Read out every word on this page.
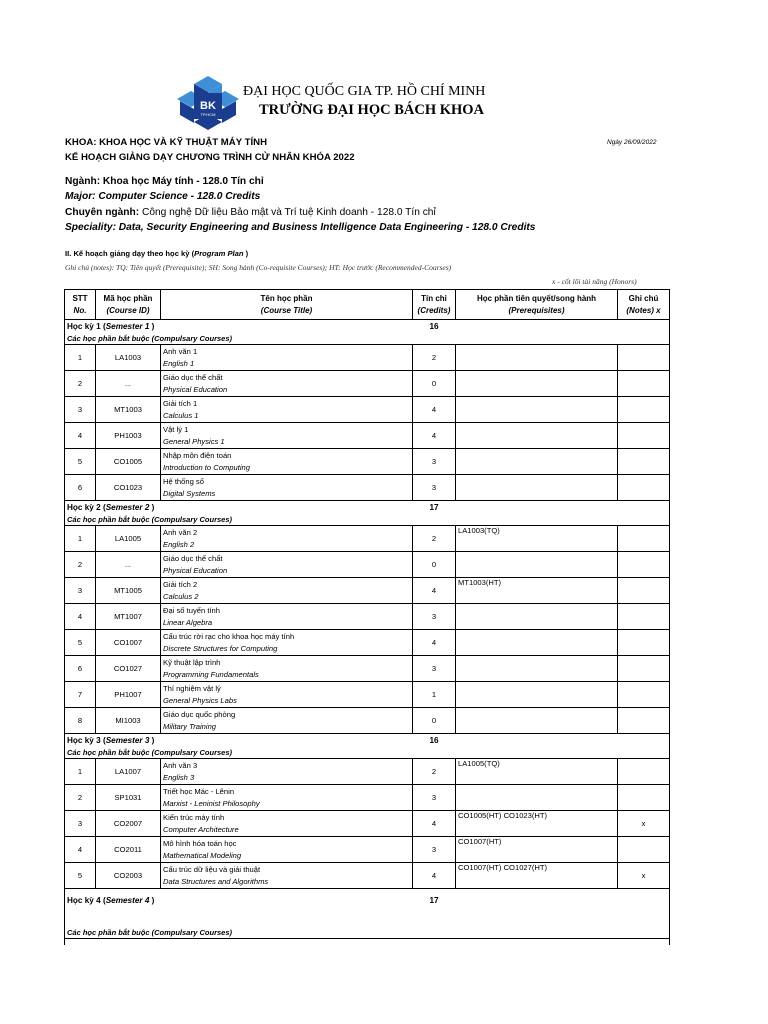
BK
TP.HCM
ĐẠI HỌC QUỐC GIA TP. HỒ CHÍ MINH
TRƯỜNG ĐẠI HỌC BÁCH KHOA
KHOA: KHOA HỌC VÀ KỸ THUẬT MÁY TÍNH
KẾ HOẠCH GIẢNG DẠY CHƯƠNG TRÌNH CỬ NHÂN KHÓA 2022
Ngày 26/09/2022
Ngành: Khoa học Máy tính - 128.0 Tín chỉ
Major: Computer Science - 128.0 Credits
Chuyên ngành: Công nghệ Dữ liệu Bảo mật và Trí tuệ Kinh doanh - 128.0 Tín chỉ
Speciality: Data, Security Engineering and Business Intelligence Data Engineering - 128.0 Credits
II. Kế hoạch giảng dạy theo học kỳ (Program Plan )
Ghi chú (notes): TQ: Tiên quyết (Prerequisite); SH: Song hành (Co-requisite Courses); HT: Học trước (Recommended-Courses)
x - cốt lõi tài năng (Honors)
STT
No.	Mã học phần
(Course ID)	Tên học phần
(Course Title)	Tín chỉ
(Credits)	Học phần tiên quyết/song hành
(Prerequisites)	Ghi chú
(Notes) x
Học kỳ 1 (Semester 1 )			16		
Các học phần bắt buộc (Compulsary Courses)					
1	LA1003	Anh văn 1
English 1	2		
2	...	Giáo dục thể chất
Physical Education	0		
3	MT1003	Giải tích 1
Calculus 1	4		
4	PH1003	Vật lý 1
General Physics 1	4		
5	CO1005	Nhập môn điện toán
Introduction to Computing	3		
6	CO1023	Hệ thống số
Digital Systems	3		
Học kỳ 2 (Semester 2 )			17		
Các học phần bắt buộc (Compulsary Courses)					
1	LA1005	Anh văn 2
English 2	2	LA1003(TQ)	
2	...	Giáo dục thể chất
Physical Education	0		
3	MT1005	Giải tích 2
Calculus 2	4	MT1003(HT)	
4	MT1007	Đại số tuyến tính
Linear Algebra	3		
5	CO1007	Cấu trúc rời rạc cho khoa học máy tính
Discrete Structures for Computing	4		
6	CO1027	Kỹ thuật lập trình
Programming Fundamentals	3		
7	PH1007	Thí nghiệm vật lý
General Physics Labs	1		
8	MI1003	Giáo dục quốc phòng
Military Training	0		
Học kỳ 3 (Semester 3 )			16		
Các học phần bắt buộc (Compulsary Courses)					
1	LA1007	Anh văn 3
English 3	2	LA1005(TQ)	
2	SP1031	Triết học Mác - Lênin
Marxist - Leninist Philosophy	3		
3	CO2007	Kiến trúc máy tính
Computer Architecture	4	CO1005(HT) CO1023(HT)	x
4	CO2011	Mô hình hóa toán học
Mathematical Modeling	3	CO1007(HT)	
5	CO2003	Cấu trúc dữ liệu và giải thuật
Data Structures and Algorithms	4	CO1007(HT) CO1027(HT)	x
Học kỳ 4 (Semester 4 )			17		
Các học phần bắt buộc (Compulsary Courses)					
